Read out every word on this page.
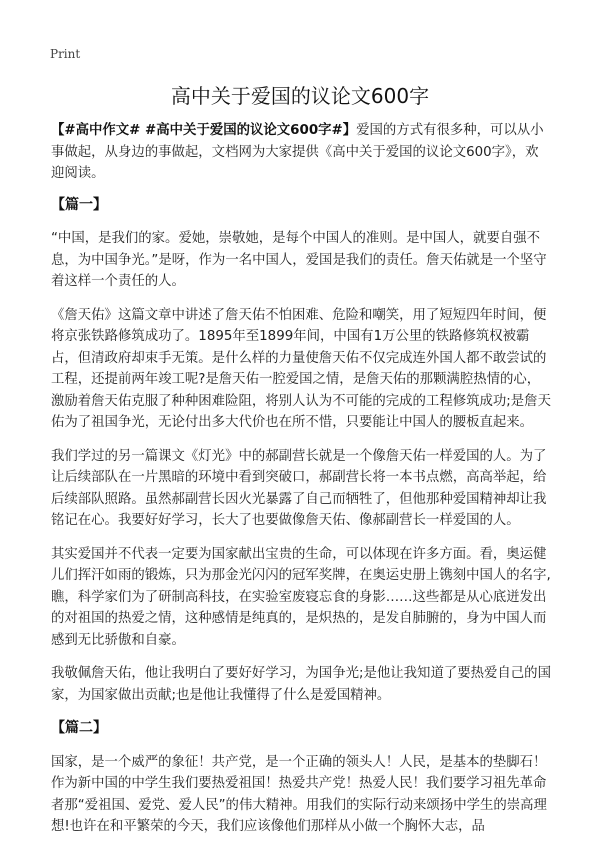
Print
高中关于爱国的议论文600字

【#高中作文# #高中关于爱国的议论文600字#】爱国的方式有很多种，可以从小事做起，从身边的事做起，文档网为大家提供《高中关于爱国的议论文600字》，欢迎阅读。

【篇一】

“中国，是我们的家。爱她，崇敬她，是每个中国人的准则。是中国人，就要自强不息，为中国争光。”是呀，作为一名中国人，爱国是我们的责任。詹天佑就是一个坚守着这样一个责任的人。

《詹天佑》这篇文章中讲述了詹天佑不怕困难、危险和嘲笑，用了短短四年时间，便将京张铁路修筑成功了。1895年至1899年间，中国有1万公里的铁路修筑权被霸占，但清政府却束手无策。是什么样的力量使詹天佑不仅完成连外国人都不敢尝试的工程，还提前两年竣工呢?是詹天佑一腔爱国之情，是詹天佑的那颗满腔热情的心，激励着詹天佑克服了种种困难险阻，将别人认为不可能的完成的工程修筑成功;是詹天佑为了祖国争光，无论付出多大代价也在所不惜，只要能让中国人的腰板直起来。

我们学过的另一篇课文《灯光》中的郝副营长就是一个像詹天佑一样爱国的人。为了让后续部队在一片黑暗的环境中看到突破口，郝副营长将一本书点燃，高高举起，给后续部队照路。虽然郝副营长因火光暴露了自己而牺牲了，但他那种爱国精神却让我铭记在心。我要好好学习，长大了也要做像詹天佑、像郝副营长一样爱国的人。

其实爱国并不代表一定要为国家献出宝贵的生命，可以体现在许多方面。看，奥运健儿们挥汗如雨的锻炼，只为那金光闪闪的冠军奖牌，在奥运史册上镌刻中国人的名字,瞧，科学家们为了研制高科技，在实验室废寝忘食的身影……这些都是从心底迸发出的对祖国的热爱之情，这种感情是纯真的，是炽热的，是发自肺腑的，身为中国人而感到无比骄傲和自豪。

我敬佩詹天佑，他让我明白了要好好学习，为国争光;是他让我知道了要热爱自己的国家，为国家做出贡献;也是他让我懂得了什么是爱国精神。

【篇二】

国家，是一个威严的象征！共产党，是一个正确的领头人！人民，是基本的垫脚石！作为新中国的中学生我们要热爱祖国！热爱共产党！热爱人民！我们要学习祖先革命者那“爱祖国、爱党、爱人民”的伟大精神。用我们的实际行动来颂扬中学生的崇高理想!也许在和平繁荣的今天，我们应该像他们那样从小做一个胸怀大志，品
